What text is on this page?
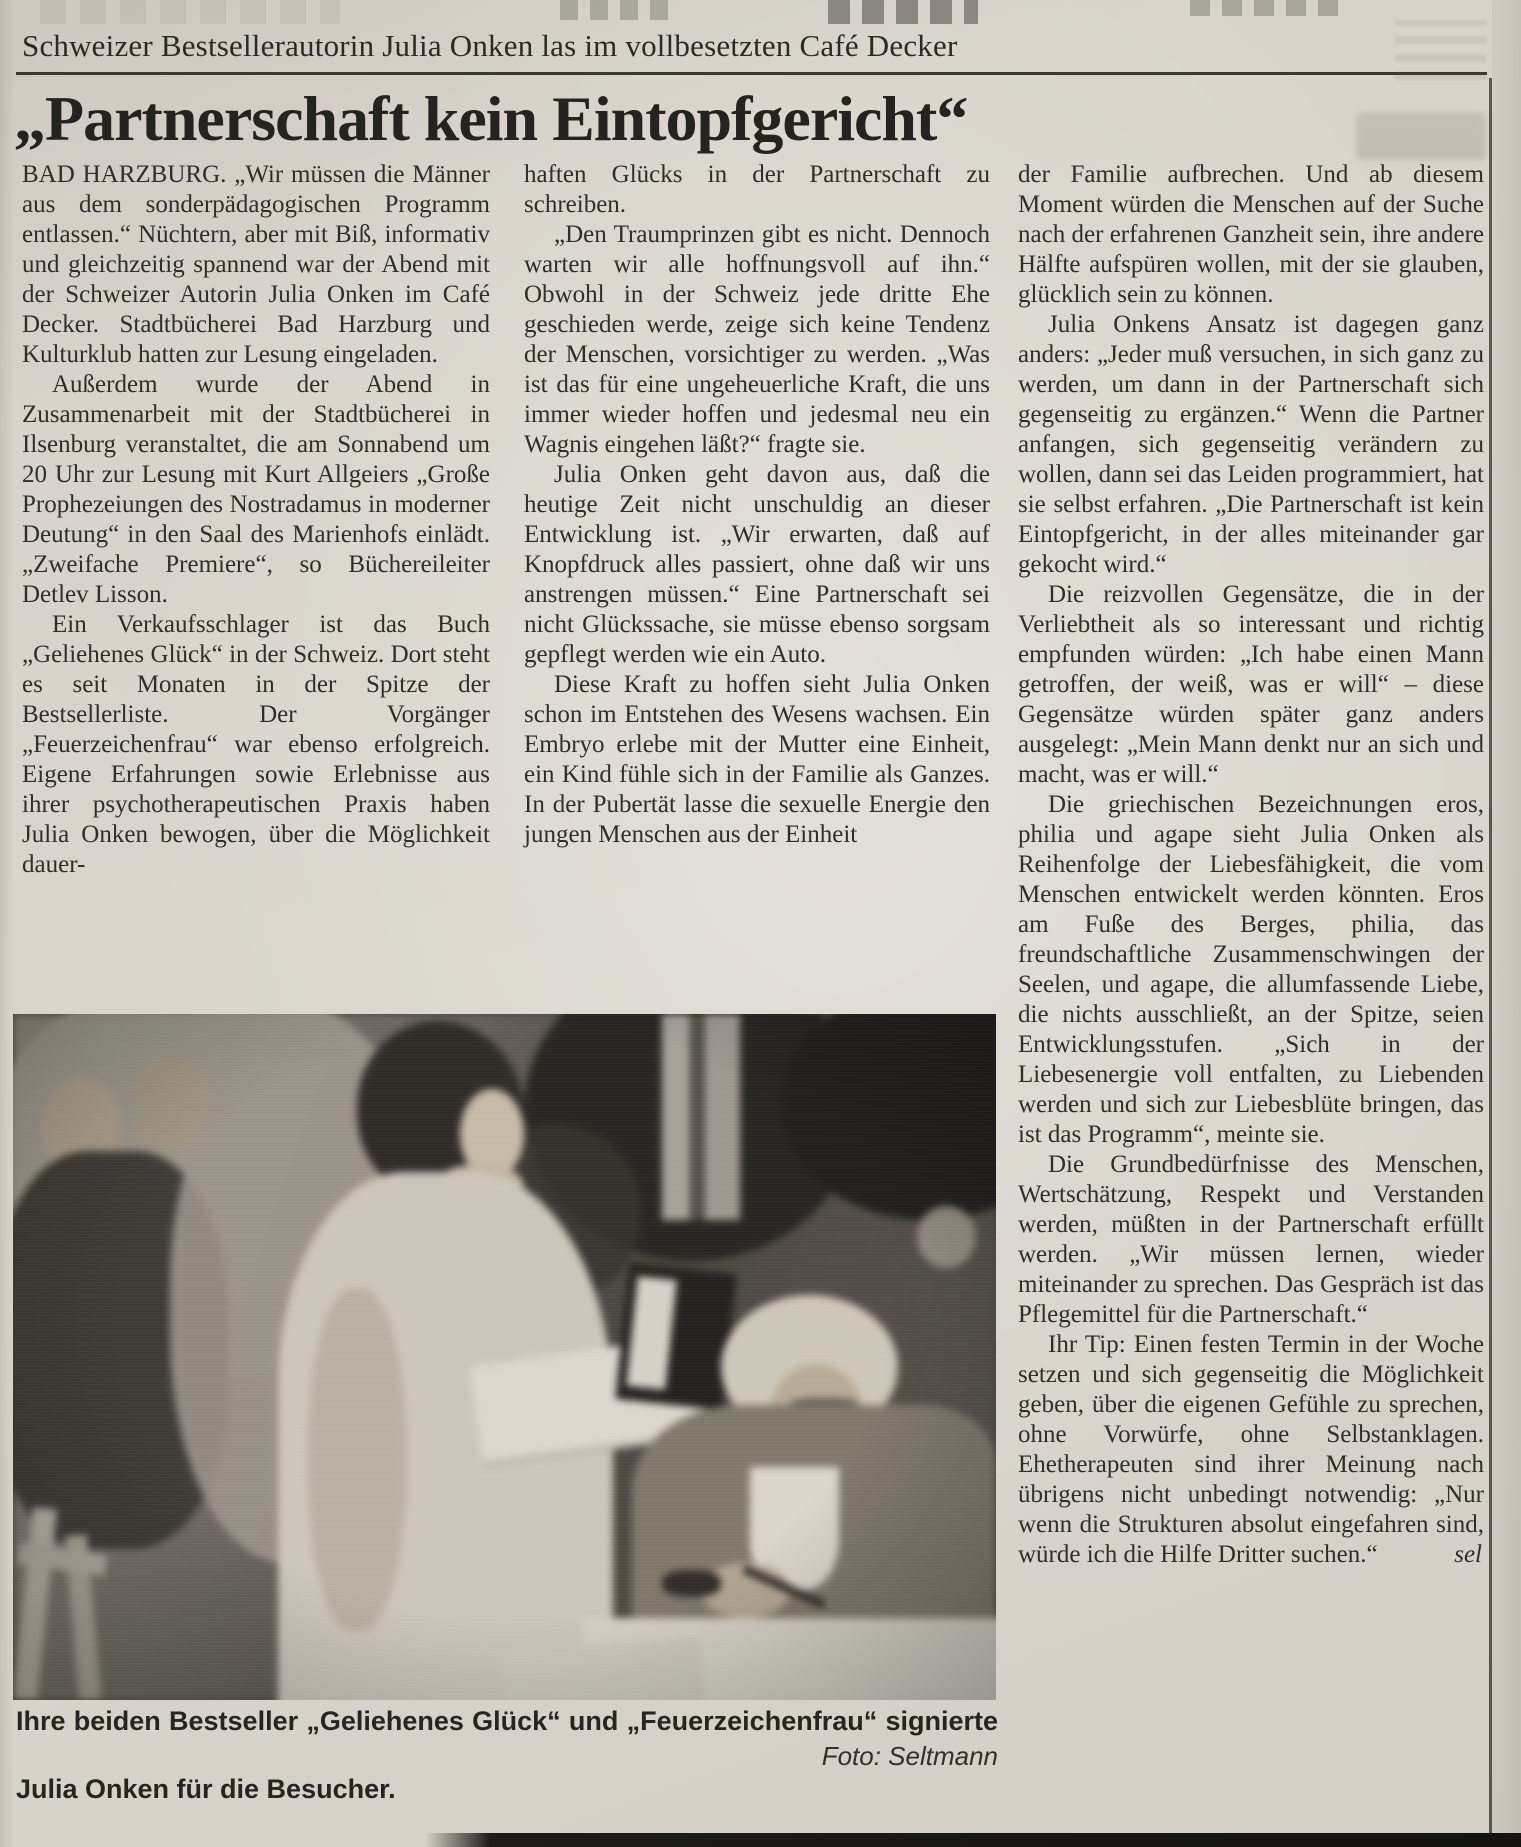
Schweizer Bestsellerautorin Julia Onken las im vollbesetzten Café Decker
„Partnerschaft kein Eintopfgericht“

BAD HARZBURG. „Wir müssen die Männer aus dem sonderpädagogischen Programm entlassen.“ Nüchtern, aber mit Biß, informativ und gleichzeitig spannend war der Abend mit der Schweizer Autorin Julia Onken im Café Decker. Stadtbücherei Bad Harzburg und Kulturklub hatten zur Lesung eingeladen.

Außerdem wurde der Abend in Zusammenarbeit mit der Stadtbücherei in Ilsenburg veranstaltet, die am Sonnabend um 20 Uhr zur Lesung mit Kurt Allgeiers „Große Prophezeiungen des Nostradamus in moderner Deutung“ in den Saal des Marienhofs einlädt. „Zweifache Premiere“, so Büchereileiter Detlev Lisson.

Ein Verkaufsschlager ist das Buch „Geliehenes Glück“ in der Schweiz. Dort steht es seit Monaten in der Spitze der Bestsellerliste. Der Vorgänger „Feuerzeichenfrau“ war ebenso erfolgreich. Eigene Erfahrungen sowie Erlebnisse aus ihrer psychotherapeutischen Praxis haben Julia Onken bewogen, über die Möglichkeit dauer-

haften Glücks in der Partnerschaft zu schreiben.

„Den Traumprinzen gibt es nicht. Dennoch warten wir alle hoffnungsvoll auf ihn.“ Obwohl in der Schweiz jede dritte Ehe geschieden werde, zeige sich keine Tendenz der Menschen, vorsichtiger zu werden. „Was ist das für eine ungeheuerliche Kraft, die uns immer wieder hoffen und jedesmal neu ein Wagnis eingehen läßt?“ fragte sie.

Julia Onken geht davon aus, daß die heutige Zeit nicht unschuldig an dieser Entwicklung ist. „Wir erwarten, daß auf Knopfdruck alles passiert, ohne daß wir uns anstrengen müssen.“ Eine Partnerschaft sei nicht Glückssache, sie müsse ebenso sorgsam gepflegt werden wie ein Auto.

Diese Kraft zu hoffen sieht Julia Onken schon im Entstehen des Wesens wachsen. Ein Embryo erlebe mit der Mutter eine Einheit, ein Kind fühle sich in der Familie als Ganzes. In der Pubertät lasse die sexuelle Energie den jungen Menschen aus der Einheit

der Familie aufbrechen. Und ab diesem Moment würden die Menschen auf der Suche nach der erfahrenen Ganzheit sein, ihre andere Hälfte aufspüren wollen, mit der sie glauben, glücklich sein zu können.

Julia Onkens Ansatz ist dagegen ganz anders: „Jeder muß versuchen, in sich ganz zu werden, um dann in der Partnerschaft sich gegenseitig zu ergänzen.“ Wenn die Partner anfangen, sich gegenseitig verändern zu wollen, dann sei das Leiden programmiert, hat sie selbst erfahren. „Die Partnerschaft ist kein Eintopfgericht, in der alles miteinander gar gekocht wird.“

Die reizvollen Gegensätze, die in der Verliebtheit als so interessant und richtig empfunden würden: „Ich habe einen Mann getroffen, der weiß, was er will“ – diese Gegensätze würden später ganz anders ausgelegt: „Mein Mann denkt nur an sich und macht, was er will.“

Die griechischen Bezeichnungen eros, philia und agape sieht Julia Onken als Reihenfolge der Liebesfähigkeit, die vom Menschen entwickelt werden könnten. Eros am Fuße des Berges, philia, das freundschaftliche Zusammenschwingen der Seelen, und agape, die allumfassende Liebe, die nichts ausschließt, an der Spitze, seien Entwicklungsstufen. „Sich in der Liebesenergie voll entfalten, zu Liebenden werden und sich zur Liebesblüte bringen, das ist das Programm“, meinte sie.

Die Grundbedürfnisse des Menschen, Wertschätzung, Respekt und Verstanden werden, müßten in der Partnerschaft erfüllt werden. „Wir müssen lernen, wieder miteinander zu sprechen. Das Gespräch ist das Pflegemittel für die Partnerschaft.“

Ihr Tip: Einen festen Termin in der Woche setzen und sich gegenseitig die Möglichkeit geben, über die eigenen Gefühle zu sprechen, ohne Vorwürfe, ohne Selbstanklagen. Ehetherapeuten sind ihrer Meinung nach übrigens nicht unbedingt notwendig: „Nur wenn die Strukturen absolut eingefahren sind, würde ich die Hilfe Dritter suchen.“	sel
Ihre beiden Bestseller „Geliehenes Glück“ und „Feuerzeichenfrau“ signierte
Foto: Seltmann
Julia Onken für die Besucher.
